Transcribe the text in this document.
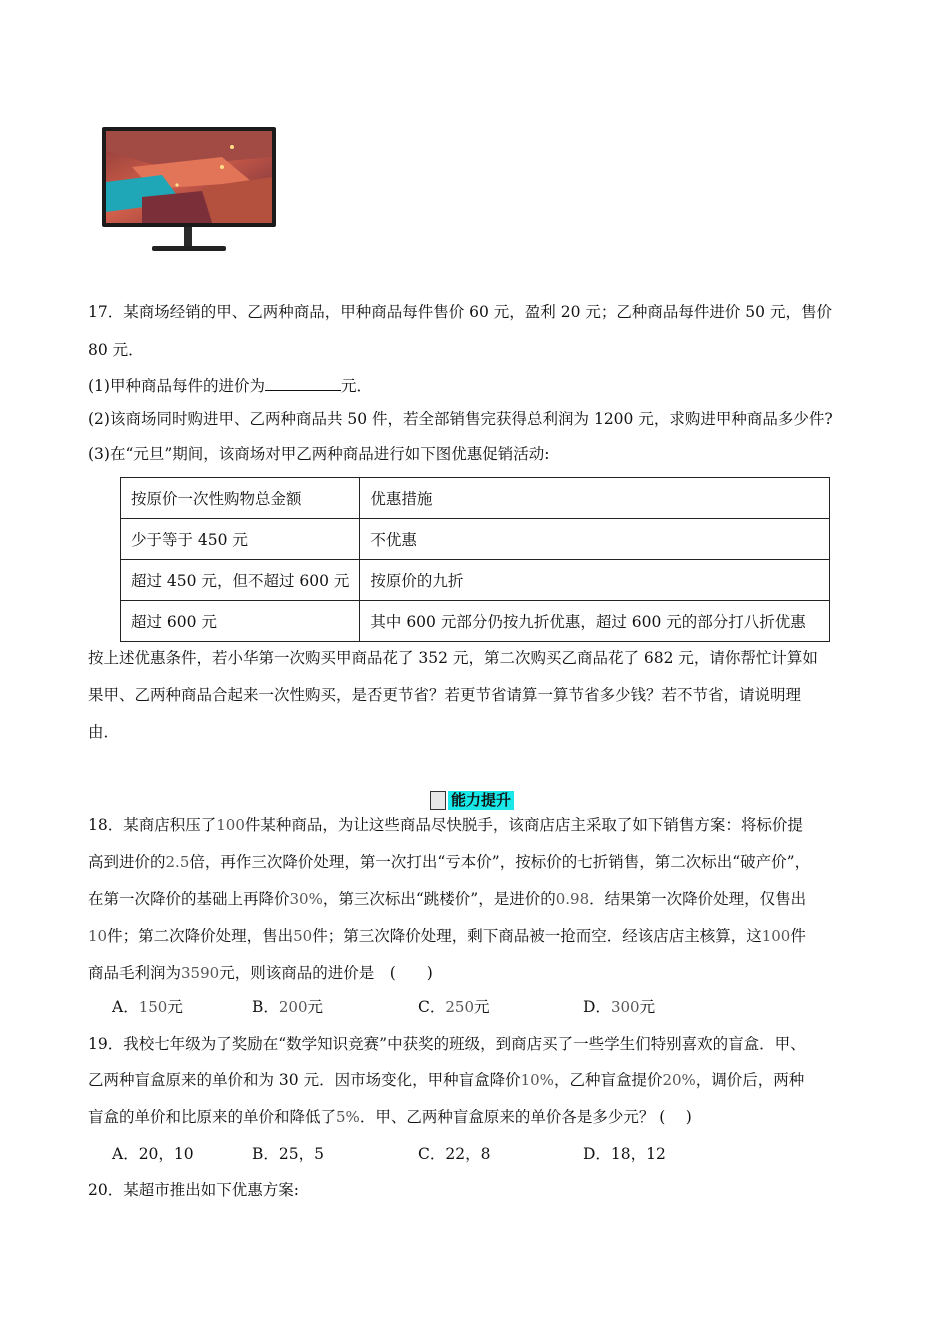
17．某商场经销的甲、乙两种商品，甲种商品每件售价 60 元，盈利 20 元；乙种商品每件进价 50 元，售价
80 元．
(1)甲种商品每件的进价为	元．
(2)该商场同时购进甲、乙两种商品共 50 件，若全部销售完获得总利润为 1200 元，求购进甲种商品多少件?
(3)在“元旦”期间，该商场对甲乙两种商品进行如下图优惠促销活动:
按原价一次性购物总金额	优惠措施
少于等于 450 元	不优惠
超过 450 元，但不超过 600 元	按原价的九折
超过 600 元	其中 600 元部分仍按九折优惠，超过 600 元的部分打八折优惠
按上述优惠条件，若小华第一次购买甲商品花了 352 元，第二次购买乙商品花了 682 元，请你帮忙计算如
果甲、乙两种商品合起来一次性购买，是否更节省？若更节省请算一算节省多少钱？若不节省，请说明理
由．
能力提升
18．某商店积压了100件某种商品，为让这些商品尽快脱手，该商店店主采取了如下销售方案：将标价提
高到进价的2.5倍，再作三次降价处理，第一次打出“亏本价”，按标价的七折销售，第二次标出“破产价”，
在第一次降价的基础上再降价30%，第三次标出“跳楼价”，是进价的0.98．结果第一次降价处理，仅售出
10件；第二次降价处理，售出50件；第三次降价处理，剩下商品被一抢而空．经该店店主核算，这100件
商品毛利润为3590元，则该商品的进价是　(　　)
A．150元	B．200元	C．250元	D．300元
19．我校七年级为了奖励在“数学知识竞赛”中获奖的班级，到商店买了一些学生们特别喜欢的盲盒．甲、
乙两种盲盒原来的单价和为 30 元．因市场变化，甲种盲盒降价10%，乙种盲盒提价20%，调价后，两种
盲盒的单价和比原来的单价和降低了5%．甲、乙两种盲盒原来的单价各是多少元？ (　 )
A．20，10	B．25，5	C．22，8	D．18，12
20．某超市推出如下优惠方案:
